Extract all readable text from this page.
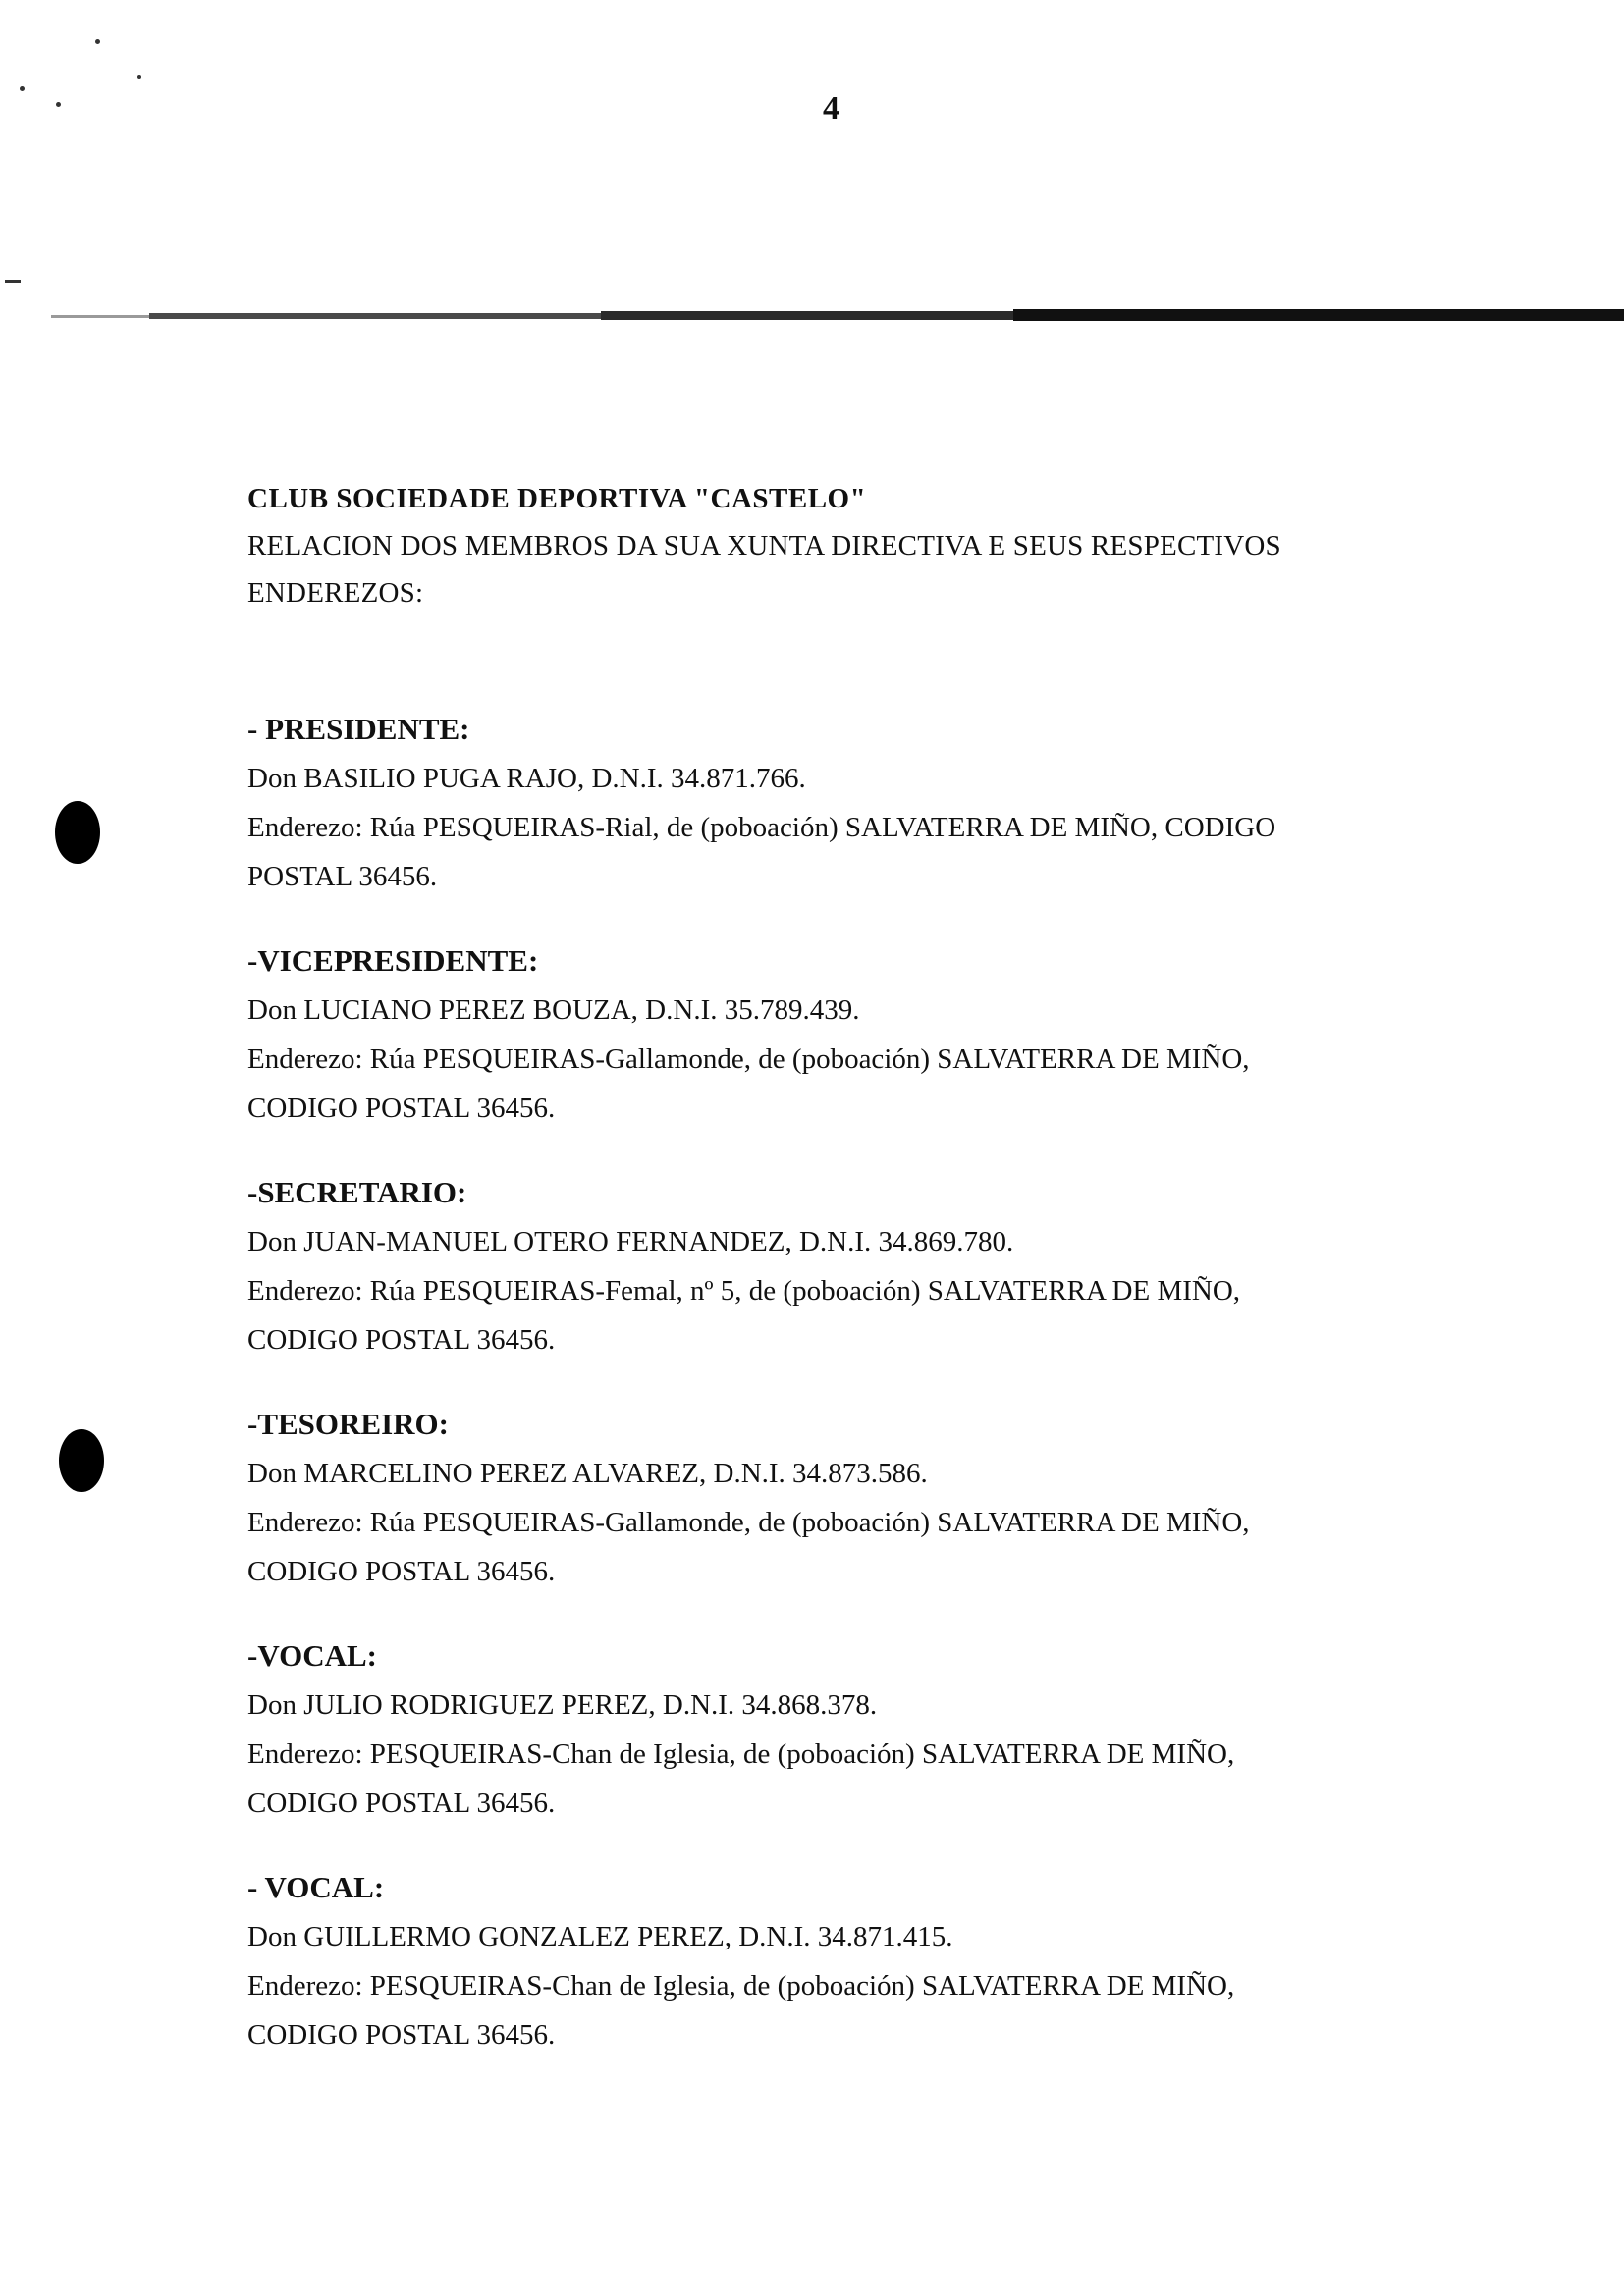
4
CLUB SOCIEDADE DEPORTIVA "CASTELO"
RELACION DOS MEMBROS DA SUA XUNTA DIRECTIVA E SEUS RESPECTIVOS
ENDEREZOS:
- PRESIDENTE:
Don BASILIO PUGA RAJO, D.N.I. 34.871.766.
Enderezo: Rúa PESQUEIRAS-Rial, de (poboación) SALVATERRA DE MIÑO, CODIGO
POSTAL 36456.
-VICEPRESIDENTE:
Don LUCIANO PEREZ BOUZA, D.N.I. 35.789.439.
Enderezo: Rúa PESQUEIRAS-Gallamonde, de (poboación) SALVATERRA DE MIÑO,
CODIGO POSTAL 36456.
-SECRETARIO:
Don JUAN-MANUEL OTERO FERNANDEZ, D.N.I. 34.869.780.
Enderezo: Rúa PESQUEIRAS-Femal, nº 5, de (poboación) SALVATERRA DE MIÑO,
CODIGO POSTAL 36456.
-TESOREIRO:
Don MARCELINO PEREZ ALVAREZ, D.N.I. 34.873.586.
Enderezo: Rúa PESQUEIRAS-Gallamonde, de (poboación) SALVATERRA DE MIÑO,
CODIGO POSTAL 36456.
-VOCAL:
Don JULIO RODRIGUEZ PEREZ, D.N.I. 34.868.378.
Enderezo: PESQUEIRAS-Chan de Iglesia, de (poboación) SALVATERRA DE MIÑO,
CODIGO POSTAL 36456.
- VOCAL:
Don GUILLERMO GONZALEZ PEREZ, D.N.I. 34.871.415.
Enderezo: PESQUEIRAS-Chan de Iglesia, de (poboación) SALVATERRA DE MIÑO,
CODIGO POSTAL 36456.
